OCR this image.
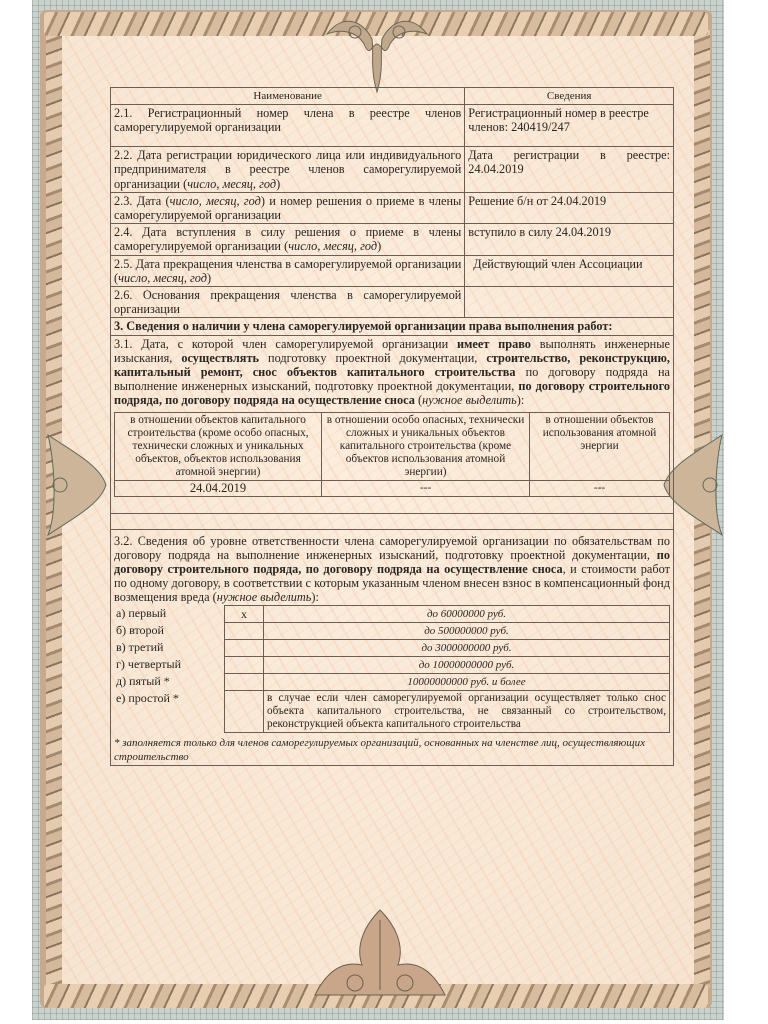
Наименование	Сведения
2.1. Регистрационный номер члена в реестре членов саморегулируемой организации	Регистрационный номер в реестре членов: 240419/247
2.2. Дата регистрации юридического лица или индивидуального предпринимателя в реестре членов саморегулируемой организации (число, месяц, год)	Дата регистрации в реестре: 24.04.2019
2.3. Дата (число, месяц, год) и номер решения о приеме в члены саморегулируемой организации	Решение б/н от 24.04.2019
2.4. Дата вступления в силу решения о приеме в члены саморегулируемой организации (число, месяц, год)	вступило в силу 24.04.2019
2.5. Дата прекращения членства в саморегулируемой организации (число, месяц, год)	Действующий член Ассоциации
2.6. Основания прекращения членства в саморегулируемой организации	
3. Сведения о наличии у члена саморегулируемой организации права выполнения работ:

3.1. Дата, с которой член саморегулируемой организации имеет право выполнять инженерные изыскания, осуществлять подготовку проектной документации, строительство, реконструкцию, капитальный ремонт, снос объектов капитального строительства по договору подряда на выполнение инженерных изысканий, подготовку проектной документации, по договору строительного подряда, по договору подряда на осуществление сноса (нужное выделить):
в отношении объектов капитального строительства (кроме особо опасных, технически сложных и уникальных объектов, объектов использования атомной энергии)	в отношении особо опасных, технически сложных и уникальных объектов капитального строительства (кроме объектов использования атомной энергии)	в отношении объектов использования атомной энергии
24.04.2019	---	---

3.2. Сведения об уровне ответственности члена саморегулируемой организации по обязательствам по договору подряда на выполнение инженерных изысканий, подготовку проектной документации, по договору строительного подряда, по договору подряда на осуществление сноса, и стоимости работ по одному договору, в соответствии с которым указанным членом внесен взнос в компенсационный фонд возмещения вреда (нужное выделить):
а) первый	х	до 60000000 руб.
б) второй		до 500000000 руб.
в) третий		до 3000000000 руб.
г) четвертый		до 10000000000 руб.
д) пятый *		10000000000 руб. и более
е) простой *		в случае если член саморегулируемой организации осуществляет только снос объекта капитального строительства, не связанный со строительством, реконструкцией объекта капитального строительства
* заполняется только для членов саморегулируемых организаций, основанных на членстве лиц, осуществляющих строительство
